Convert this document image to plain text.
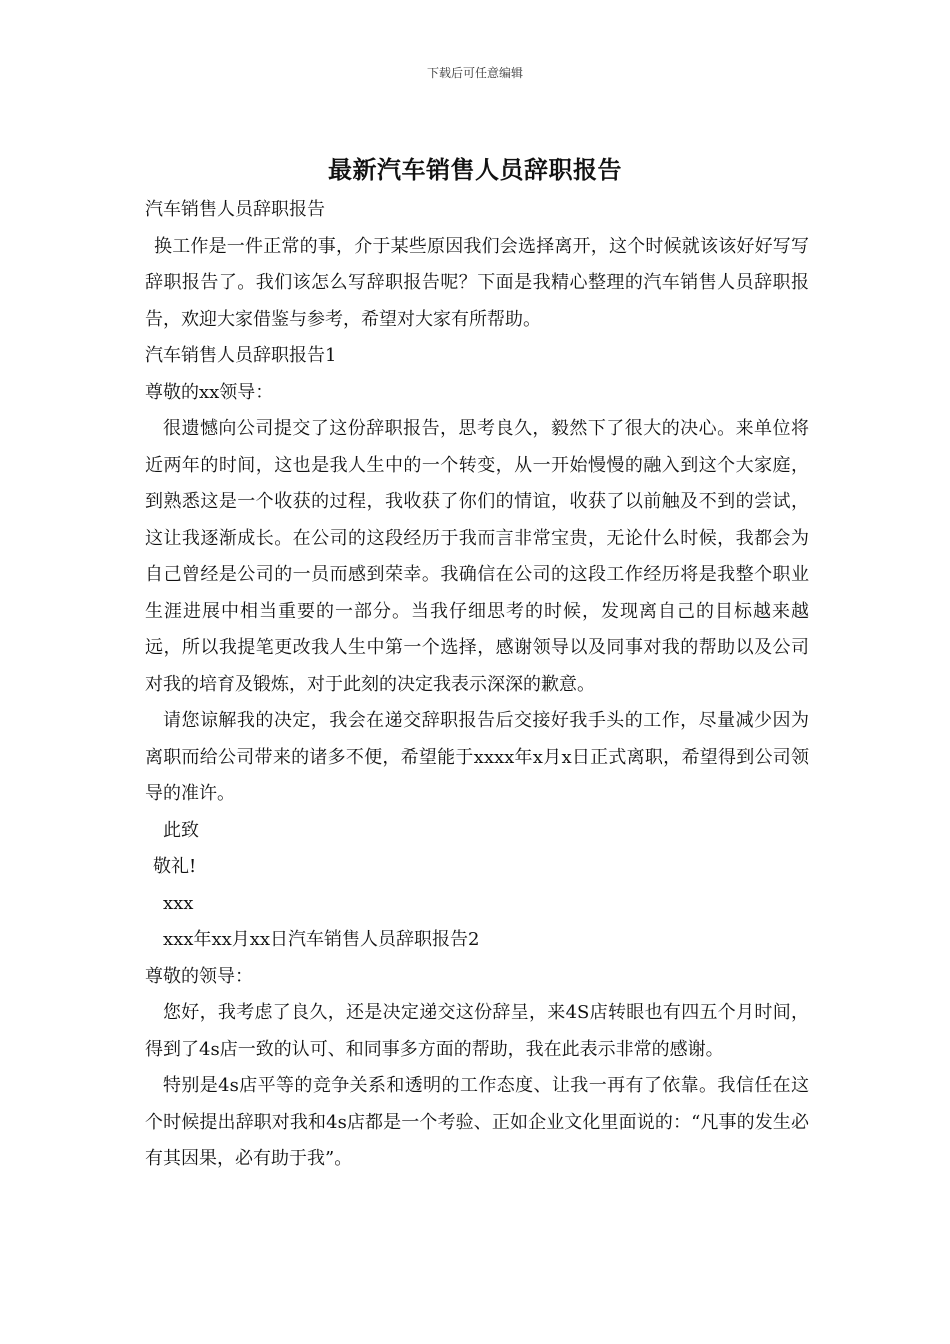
下载后可任意编辑
最新汽车销售人员辞职报告

汽车销售人员辞职报告

换工作是一件正常的事，介于某些原因我们会选择离开，这个时候就该该好好写写辞职报告了。我们该怎么写辞职报告呢？下面是我精心整理的汽车销售人员辞职报告，欢迎大家借鉴与参考，希望对大家有所帮助。

汽车销售人员辞职报告1

尊敬的xx领导：

很遗憾向公司提交了这份辞职报告，思考良久，毅然下了很大的决心。来单位将近两年的时间，这也是我人生中的一个转变，从一开始慢慢的融入到这个大家庭，到熟悉这是一个收获的过程，我收获了你们的情谊，收获了以前触及不到的尝试，这让我逐渐成长。在公司的这段经历于我而言非常宝贵，无论什么时候，我都会为自己曾经是公司的一员而感到荣幸。我确信在公司的这段工作经历将是我整个职业生涯进展中相当重要的一部分。当我仔细思考的时候，发现离自己的目标越来越远，所以我提笔更改我人生中第一个选择，感谢领导以及同事对我的帮助以及公司对我的培育及锻炼，对于此刻的决定我表示深深的歉意。

请您谅解我的决定，我会在递交辞职报告后交接好我手头的工作，尽量减少因为离职而给公司带来的诸多不便，希望能于xxxx年x月x日正式离职，希望得到公司领导的准许。

此致

敬礼!

xxx

xxx年xx月xx日汽车销售人员辞职报告2

尊敬的领导：

您好，我考虑了良久，还是决定递交这份辞呈，来4S店转眼也有四五个月时间，得到了4s店一致的认可、和同事多方面的帮助，我在此表示非常的感谢。

特别是4s店平等的竞争关系和透明的工作态度、让我一再有了依靠。我信任在这个时候提出辞职对我和4s店都是一个考验、正如企业文化里面说的：“凡事的发生必有其因果，必有助于我”。
